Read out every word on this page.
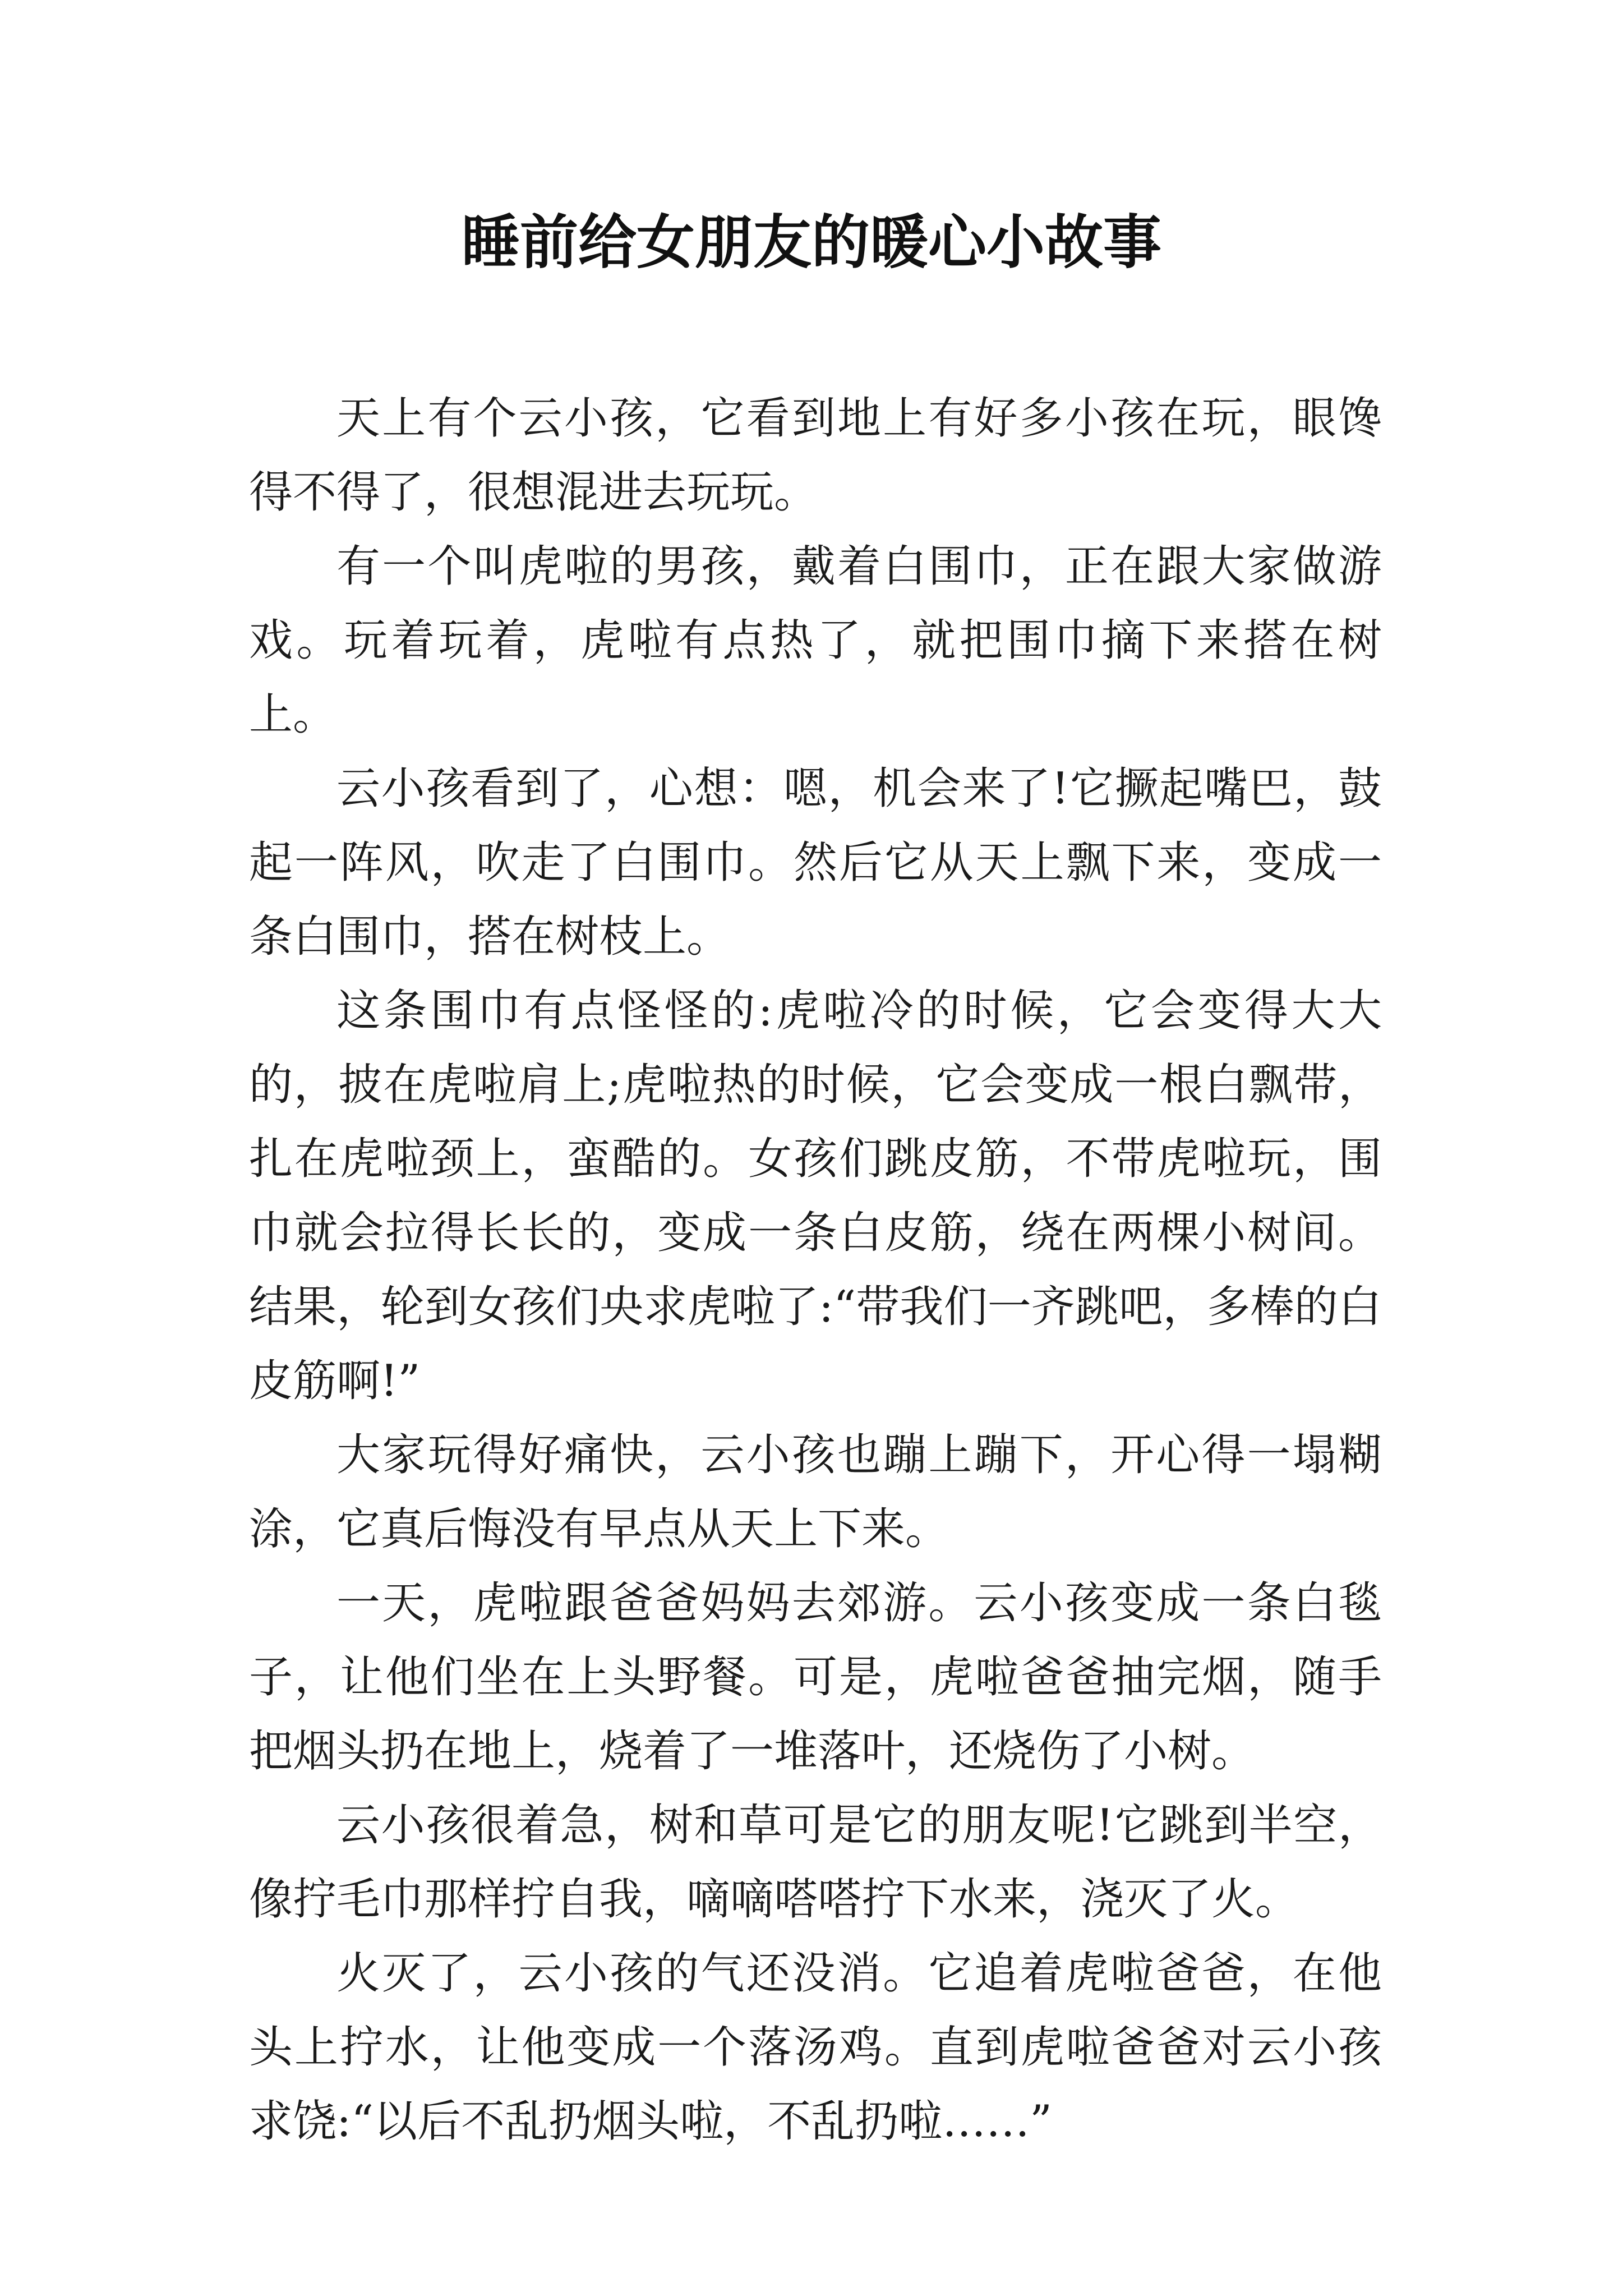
睡前给女朋友的暖心小故事

天上有个云小孩，它看到地上有好多小孩在玩，眼馋得不得了，很想混进去玩玩。

有一个叫虎啦的男孩，戴着白围巾，正在跟大家做游戏。玩着玩着，虎啦有点热了，就把围巾摘下来搭在树上。

云小孩看到了，心想：嗯，机会来了!它撅起嘴巴，鼓起一阵风，吹走了白围巾。然后它从天上飘下来，变成一条白围巾，搭在树枝上。

这条围巾有点怪怪的:虎啦冷的时候，它会变得大大的，披在虎啦肩上;虎啦热的时候，它会变成一根白飘带，扎在虎啦颈上，蛮酷的。女孩们跳皮筋，不带虎啦玩，围巾就会拉得长长的，变成一条白皮筋，绕在两棵小树间。结果，轮到女孩们央求虎啦了:“带我们一齐跳吧，多棒的白皮筋啊!”

大家玩得好痛快，云小孩也蹦上蹦下，开心得一塌糊涂，它真后悔没有早点从天上下来。

一天，虎啦跟爸爸妈妈去郊游。云小孩变成一条白毯子，让他们坐在上头野餐。可是，虎啦爸爸抽完烟，随手把烟头扔在地上，烧着了一堆落叶，还烧伤了小树。

云小孩很着急，树和草可是它的朋友呢!它跳到半空，像拧毛巾那样拧自我，嘀嘀嗒嗒拧下水来，浇灭了火。

火灭了，云小孩的气还没消。它追着虎啦爸爸，在他头上拧水，让他变成一个落汤鸡。直到虎啦爸爸对云小孩求饶:“以后不乱扔烟头啦，不乱扔啦……”
